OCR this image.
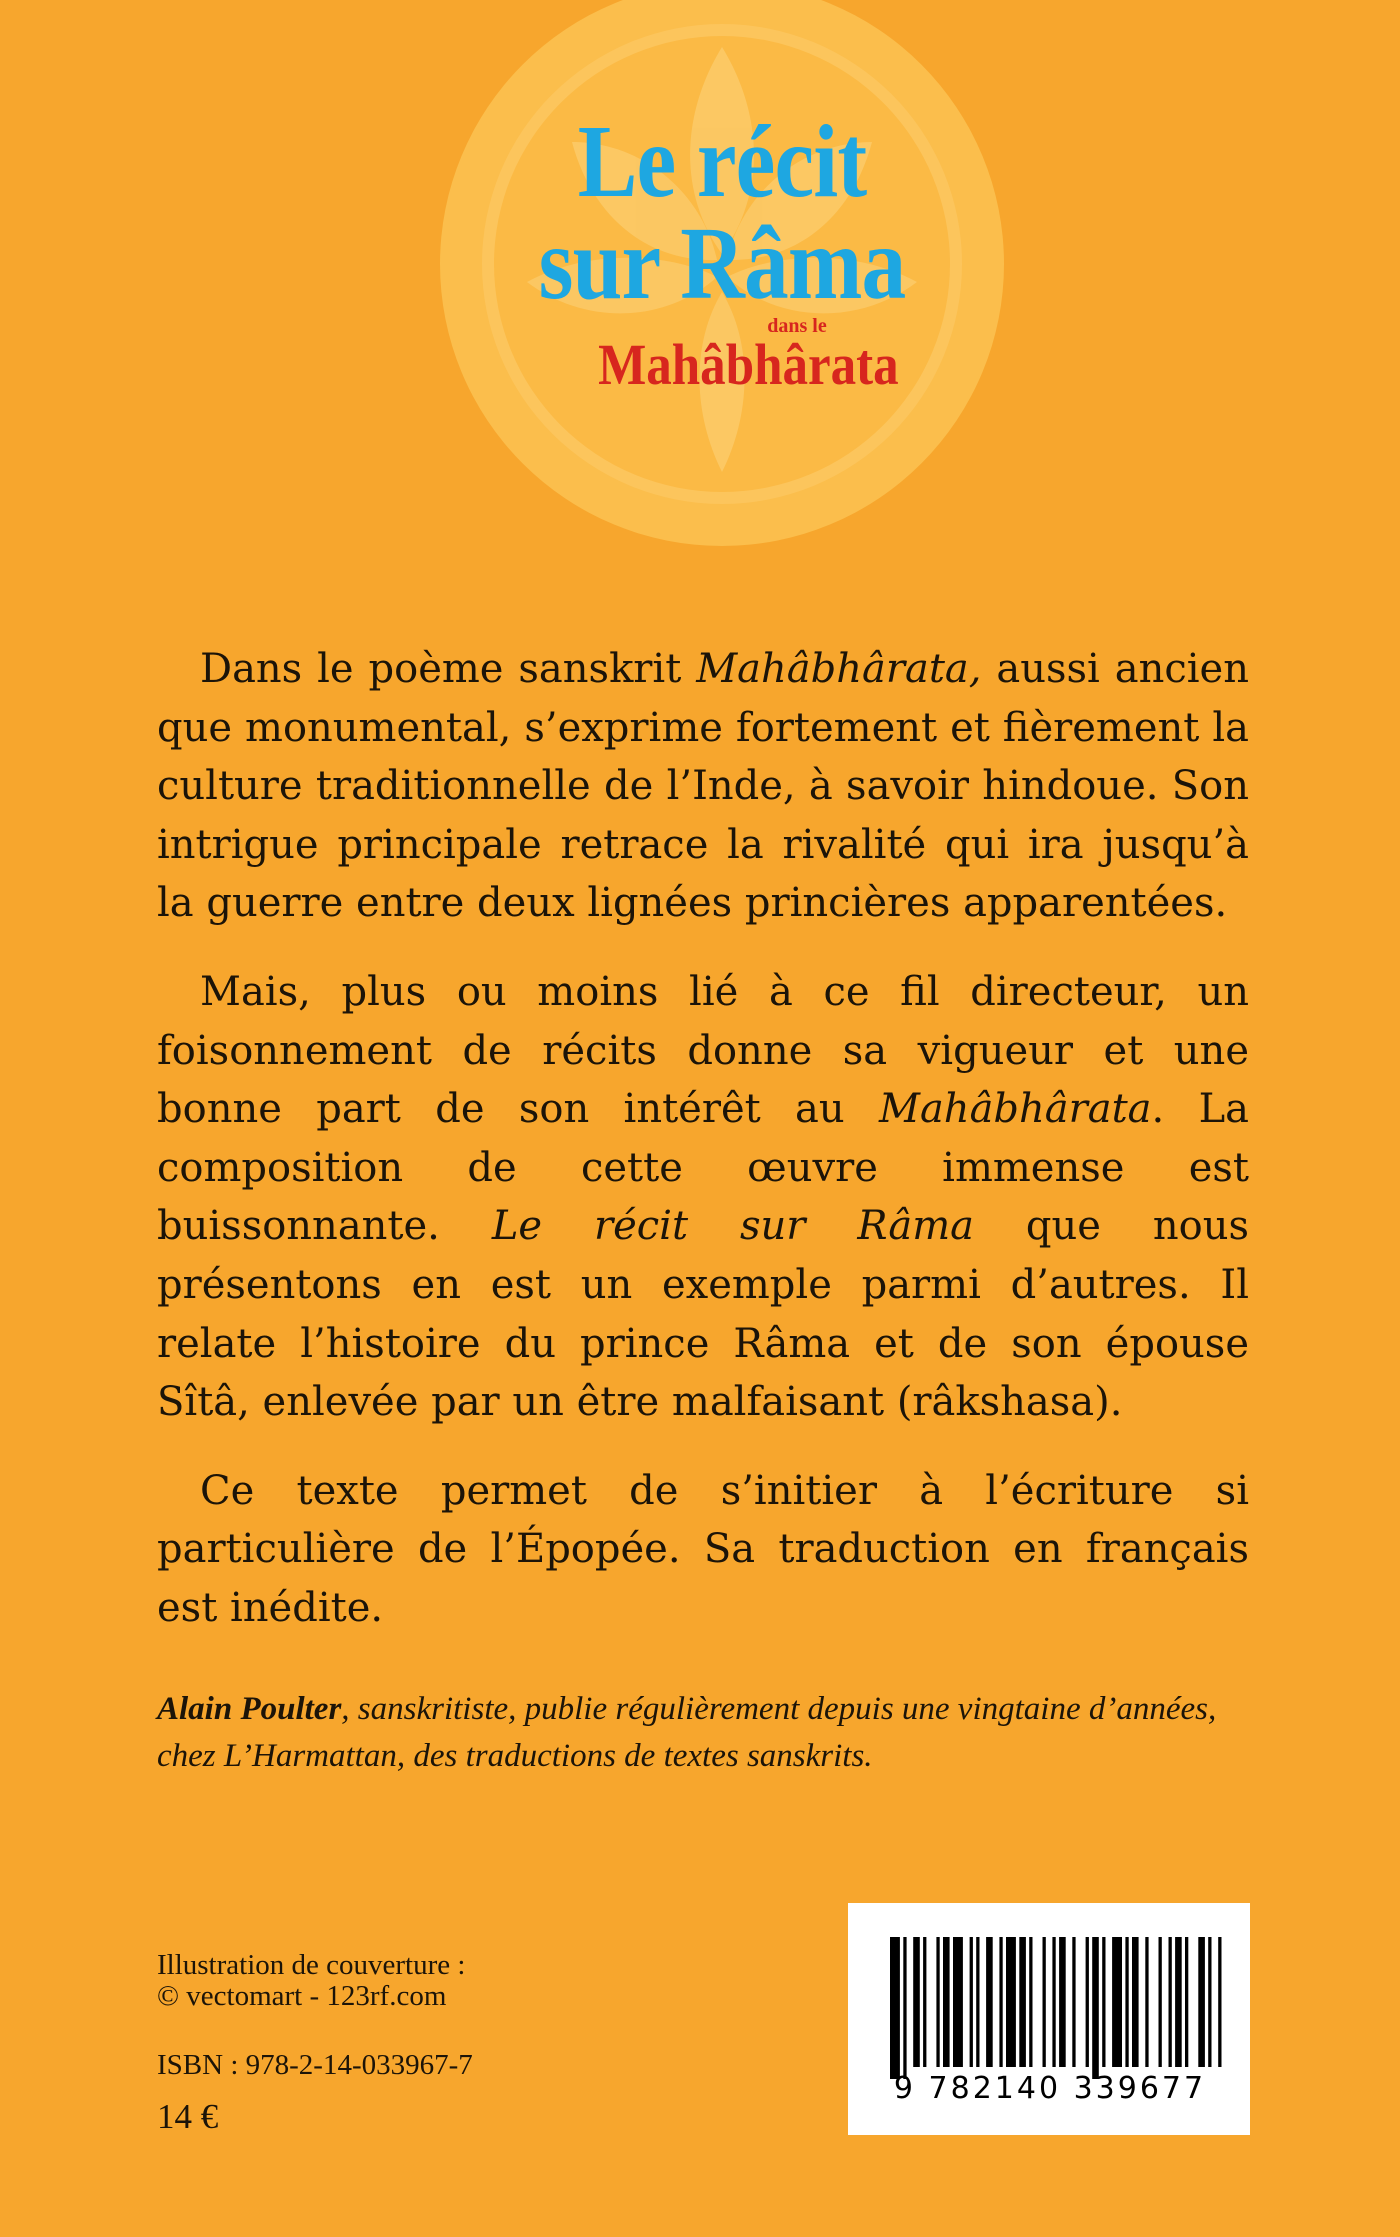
Le récit
sur Râma
dans le
Mahâbhârata

Dans le poème sanskrit Mahâbhârata, aussi ancien que monumental, s’exprime fortement et fièrement la culture traditionnelle de l’Inde, à savoir hindoue. Son intrigue principale retrace la rivalité qui ira jusqu’à la guerre entre deux lignées princières apparentées.

Mais, plus ou moins lié à ce fil directeur, un foisonnement de récits donne sa vigueur et une bonne part de son intérêt au Mahâbhârata. La composition de cette œuvre immense est buissonnante. Le récit sur Râma que nous présentons en est un exemple parmi d’autres. Il relate l’histoire du prince Râma et de son épouse Sîtâ, enlevée par un être malfaisant (râkshasa).

Ce texte permet de s’initier à l’écriture si particulière de l’Épopée. Sa traduction en français est inédite.

Alain Poulter, sanskritiste, publie régulièrement depuis une vingtaine d’années, chez L’Harmattan, des traductions de textes sanskrits.
Illustration de couverture :
© vectomart - 123rf.com
ISBN : 978-2-14-033967-7
14 €
9 782140 339677
